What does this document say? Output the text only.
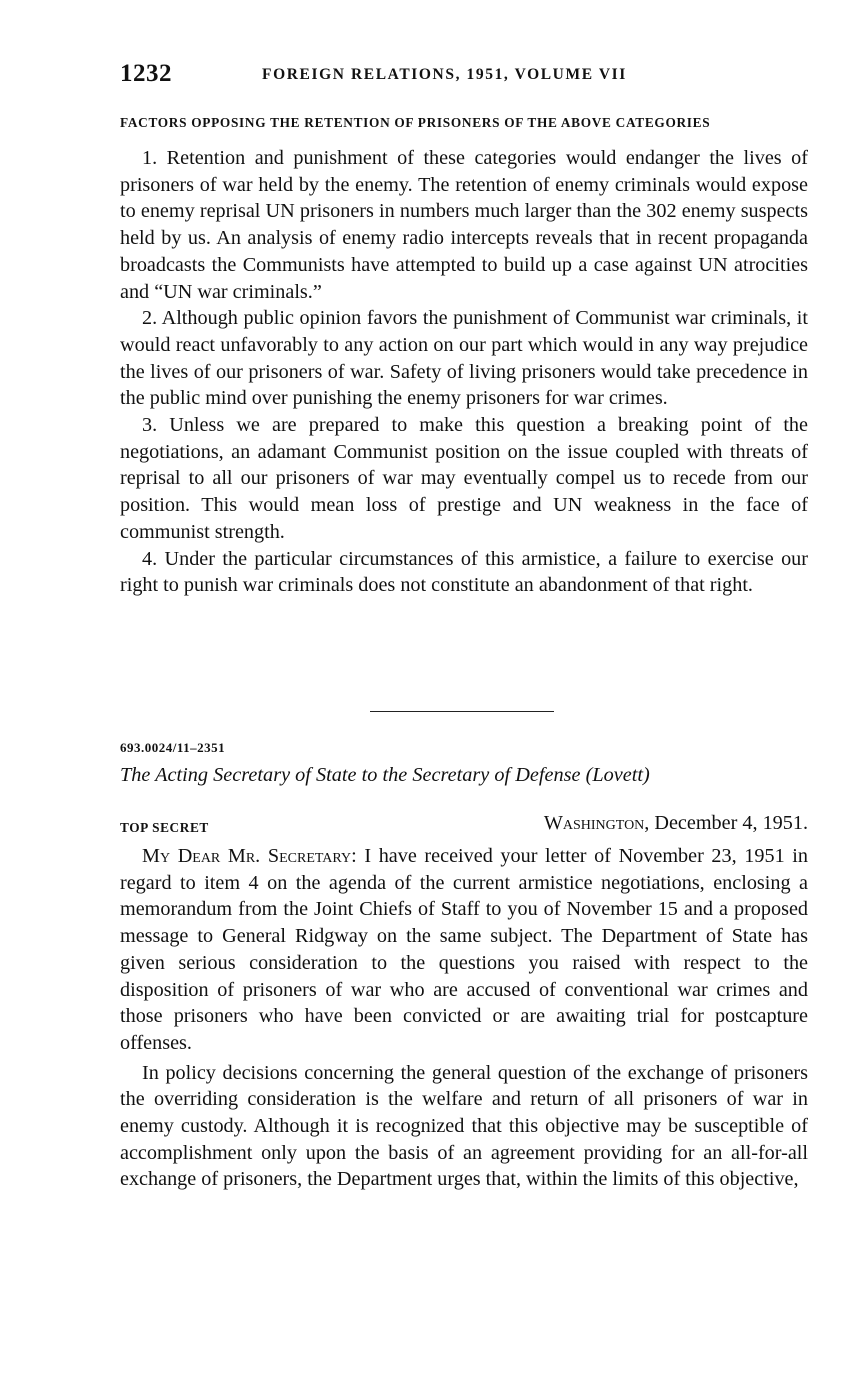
1232	FOREIGN RELATIONS, 1951, VOLUME VII
FACTORS OPPOSING THE RETENTION OF PRISONERS OF THE ABOVE CATEGORIES

1. Retention and punishment of these categories would endanger the lives of prisoners of war held by the enemy. The retention of enemy criminals would expose to enemy reprisal UN prisoners in numbers much larger than the 302 enemy suspects held by us. An analysis of enemy radio intercepts reveals that in recent propaganda broadcasts the Communists have attempted to build up a case against UN atrocities and “UN war criminals.”

2. Although public opinion favors the punishment of Communist war criminals, it would react unfavorably to any action on our part which would in any way prejudice the lives of our prisoners of war. Safety of living prisoners would take precedence in the public mind over punishing the enemy prisoners for war crimes.

3. Unless we are prepared to make this question a breaking point of the negotiations, an adamant Communist position on the issue coupled with threats of reprisal to all our prisoners of war may eventually compel us to recede from our position. This would mean loss of prestige and UN weakness in the face of communist strength.

4. Under the particular circumstances of this armistice, a failure to exercise our right to punish war criminals does not constitute an abandonment of that right.

693.0024/11–2351
The Acting Secretary of State to the Secretary of Defense (Lovett)
TOP SECRET	Washington, December 4, 1951.

My Dear Mr. Secretary: I have received your letter of November 23, 1951 in regard to item 4 on the agenda of the current armistice negotiations, enclosing a memorandum from the Joint Chiefs of Staff to you of November 15 and a proposed message to General Ridgway on the same subject. The Department of State has given serious consideration to the questions you raised with respect to the disposition of prisoners of war who are accused of conventional war crimes and those prisoners who have been convicted or are awaiting trial for postcapture offenses.

In policy decisions concerning the general question of the exchange of prisoners the overriding consideration is the welfare and return of all prisoners of war in enemy custody. Although it is recognized that this objective may be susceptible of accomplishment only upon the basis of an agreement providing for an all-for-all exchange of prisoners, the Department urges that, within the limits of this objective,
